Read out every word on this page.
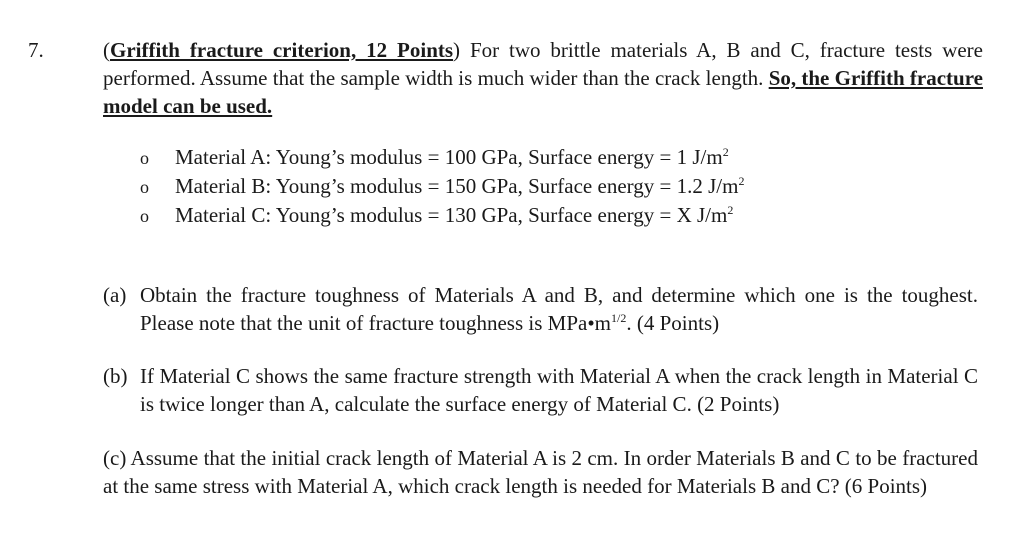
7.	(Griffith fracture criterion, 12 Points) For two brittle materials A, B and C, fracture tests were performed. Assume that the sample width is much wider than the crack length. So, the Griffith fracture model can be used.
o	Material A: Young’s modulus = 100 GPa, Surface energy = 1 $J/m^2$
o	Material B: Young’s modulus = 150 GPa, Surface energy = 1.2 $J/m^2$
o	Material C: Young’s modulus = 130 GPa, Surface energy = X $J/m^2$
(a) Obtain the fracture toughness of Materials A and B, and determine which one is the toughest. Please note that the unit of fracture toughness is $MPa•m^{1/2}$. (4 Points)
(b) If Material C shows the same fracture strength with Material A when the crack length in Material C is twice longer than A, calculate the surface energy of Material C. (2 Points)
(c) Assume that the initial crack length of Material A is 2 cm. In order Materials B and C to be fractured at the same stress with Material A, which crack length is needed for Materials B and C? (6 Points)
